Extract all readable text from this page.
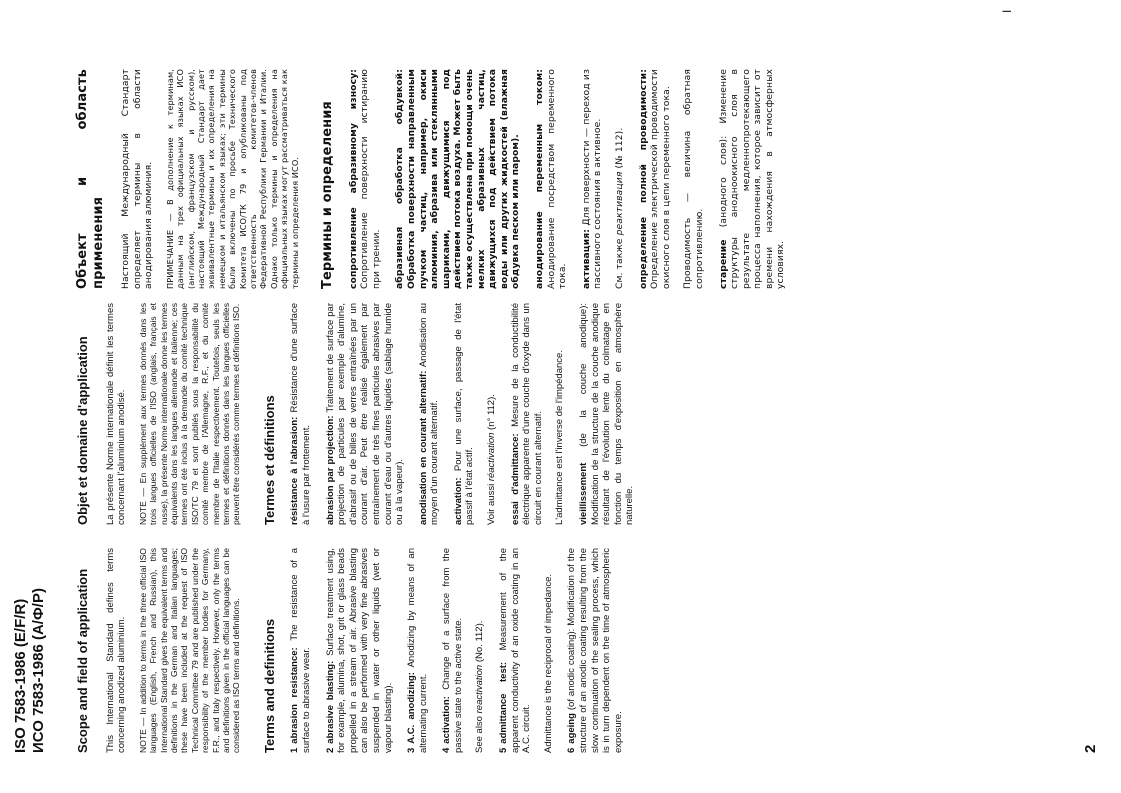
2
ISO 7583-1986 (E/F/R) ИСО 7583-1986 (А/Ф/Р)
I
Scope and field of application This International Standard defines terms concerning anodized aluminium. NOTE — In addition to terms in the three official ISO languages (English, French and Russian), this International Standard gives the equivalent terms and definitions in the German and Italian languages; these have been included at the request of ISO Technical Committee 79 and are published under the responsibility of the member bodies for Germany, F.R., and Italy respectively. However, only the terms and definitions given in the official languages can be considered as ISO terms and definitions. Terms and definitions 1abrasion resistance: The resistance of a surface to abrasive wear. 2abrasive blasting: Surface treatment using, for example, alumina, shot, grit or glass beads propelled in a stream of air. Abrasive blasting can also be performed with very fine abrasives suspended in water or other liquids (wet or vapour blasting). 3A.C. anodizing: Anodizing by means of an alternating current. 4activation: Change of a surface from the passive state to the active state. See also reactivation (No. 112).

5admittance test: Measurement of the apparent conductivity of an oxide coating in an A.C. circuit. Admittance is the reciprocal of impedance. 6ageing (of anodic coating): Modification of the structure of an anodic coating resulting from the slow continuation of the sealing process, which is in turn dependent on the time of atmospheric exposure.

Objet et domaine d'application La présente Norme internationale définit les termes concernant l'aluminium anodisé. NOTE — En supplément aux termes donnés dans les trois langues officielles de l'ISO (anglais, français et russe), la présente Norme internationale donne les termes équivalents dans les langues allemande et italienne; ces termes ont été inclus à la demande du comité technique ISO/TC 79 et sont publiés sous la responsabilité du comité membre de l'Allemagne, R.F., et du comité membre de l'Italie respectivement. Toutefois, seuls les termes et définitions donnés dans les langues officielles peuvent être considérés comme termes et définitions ISO. Termes et définitions résistance à l'abrasion: Résistance d'une surface à l'usure par frottement. abrasion par projection: Traitement de surface par projection de particules par exemple d'alumine, d'abrasif ou de billes de verres entraînées par un courant d'air. Peut être réalisé également par entraînement de très fines particules abrasives par courant d'eau ou d'autres liquides (sablage humide ou à la vapeur). anodisation en courant alternatif: Anodisation au moyen d'un courant alternatif. activation: Pour une surface, passage de l'état passif à l'état actif. Voir aussi réactivation (n° 112).

essai d'admittance: Mesure de la conductibilité électrique apparente d'une couche d'oxyde dans un circuit en courant alternatif. L'admittance est l'inverse de l'impédance. vieillissement (de la couche anodique): Modification de la structure de la couche anodique résultant de l'évolution lente du colmatage en fonction du temps d'exposition en atmosphère naturelle.

Объект и область применения Настоящий Международный Стандарт определяет термины в области анодирования алюминия. ПРИМЕЧАНИЕ — В дополнение к терминам, данным на трех официальных языках ИСО (английском, французском и русском), настоящий Международный Стандарт дает эквивалентные термины и их определения на немецком и итальянском языках; эти термины были включены по просьбе Технического Комитета ИСО/ТК 79 и опубликованы под ответственность комитетов-членов Федеративной Республики Германии и Италии. Однако только термины и определения на официальных языках могут рассматриваться как термины и определения ИСО. Термины и определения сопротивление абразивному износу: Сопротивление поверхности истиранию при трении. абразивная обработка обдувкой: Обработка поверхности направленным пучком частиц, например, окиси алюминия, абразива или стеклянными шариками, движущимися под действием потока воздуха. Может быть также осуществлена при помощи очень мелких абразивных частиц, движущихся под действием потока воды или других жидкостей (влажная обдувка песком или паром). анодирование переменным током: Анодирование посредством переменного тока. активация: Для поверхности — переход из пассивного состояния в активное. См. также реактивация (№ 112). определение полной проводимости: Определение электрической проводимости окисного слоя в цепи переменного тока. Проводимость — величина обратная сопротивлению. старение (анодного слоя): Изменение структуры анодноокисного слоя в результате медленнопротекающего процесса наполнения, которое зависит от времени нахождения в атмосферных условиях.
